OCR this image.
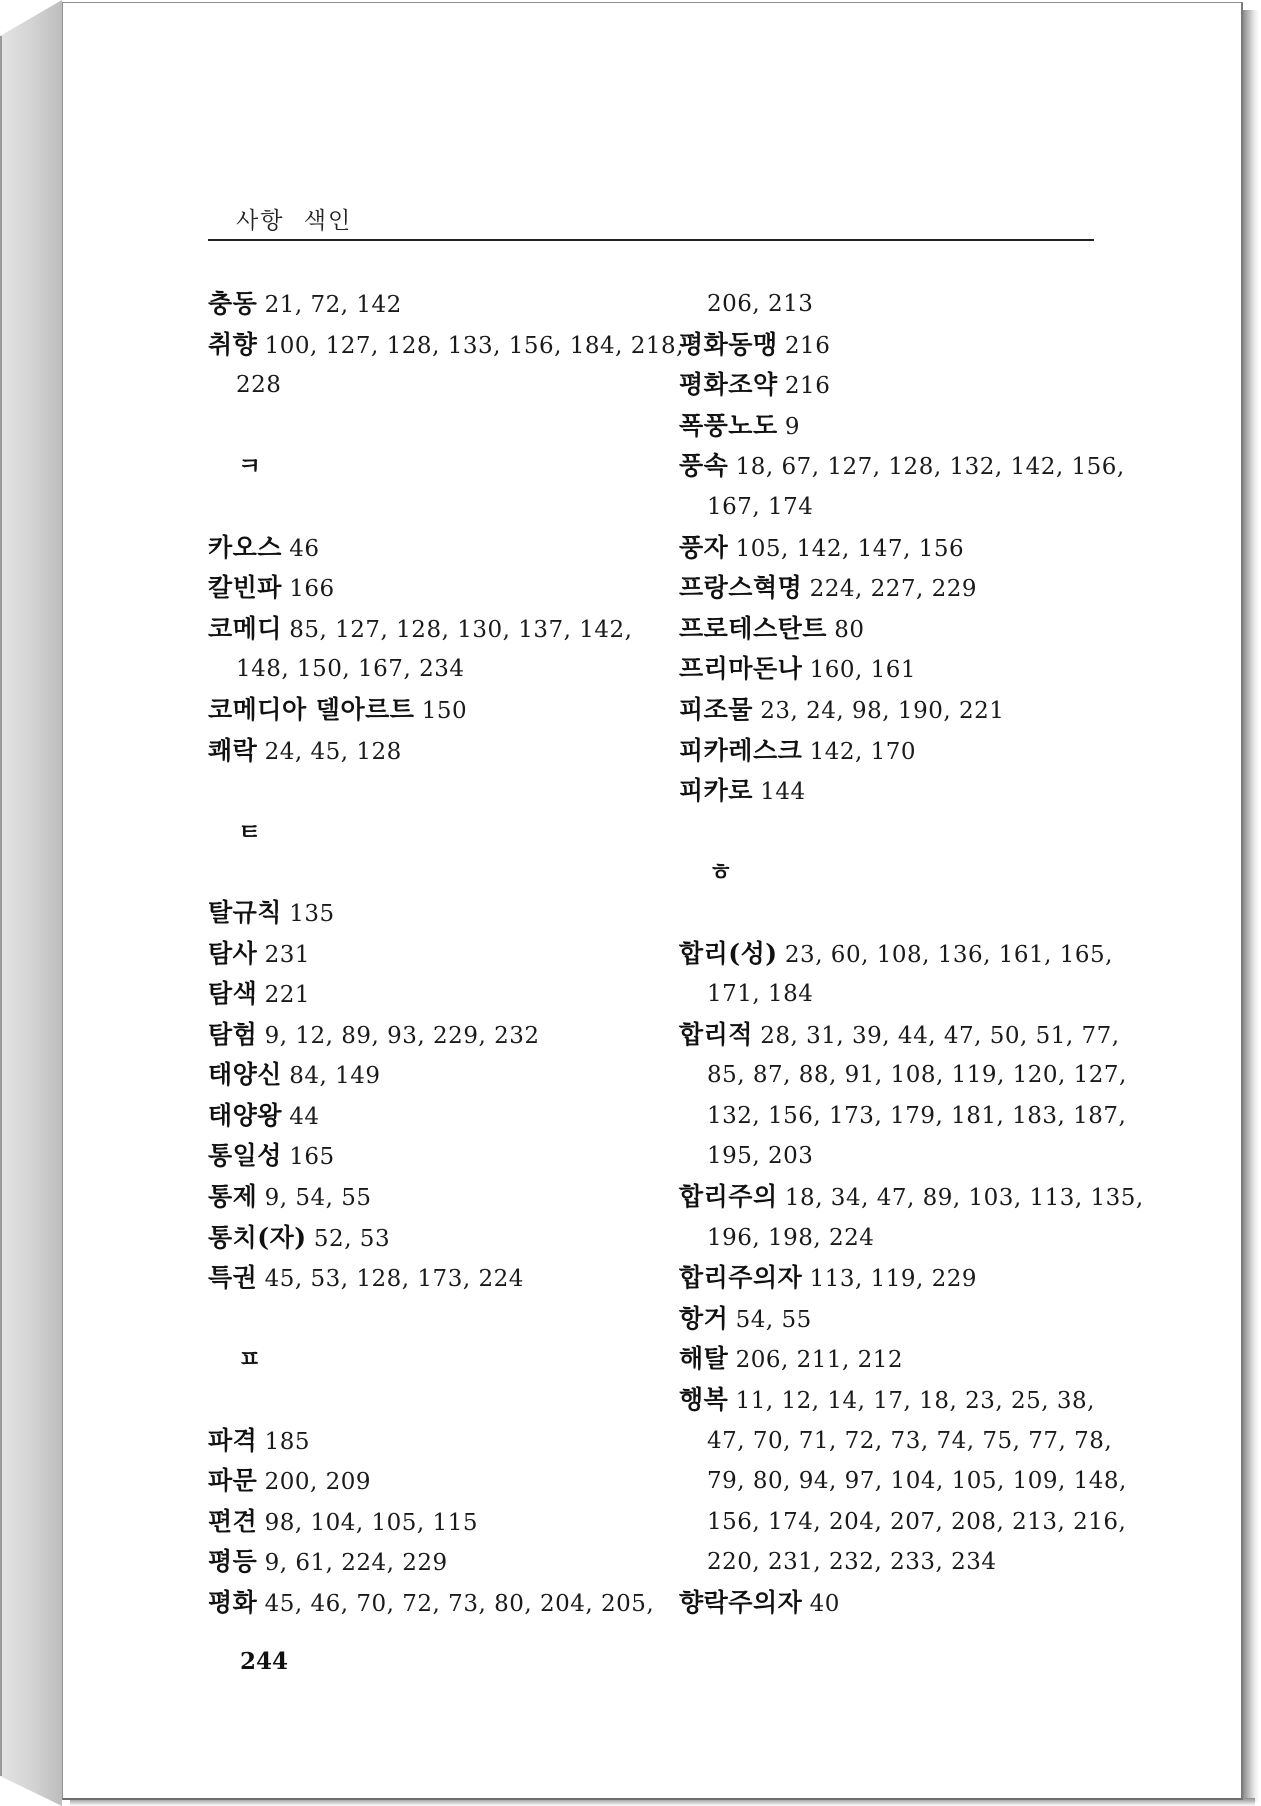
사항 색인
충동 21, 72, 142
취향 100, 127, 128, 133, 156, 184, 218,
228
ㅋ
카오스 46
칼빈파 166
코메디 85, 127, 128, 130, 137, 142,
148, 150, 167, 234
코메디아 델아르트 150
쾌락 24, 45, 128
ㅌ
탈규칙 135
탐사 231
탐색 221
탐험 9, 12, 89, 93, 229, 232
태양신 84, 149
태양왕 44
통일성 165
통제 9, 54, 55
통치(자) 52, 53
특권 45, 53, 128, 173, 224
ㅍ
파격 185
파문 200, 209
편견 98, 104, 105, 115
평등 9, 61, 224, 229
평화 45, 46, 70, 72, 73, 80, 204, 205,
206, 213
평화동맹 216
평화조약 216
폭풍노도 9
풍속 18, 67, 127, 128, 132, 142, 156,
167, 174
풍자 105, 142, 147, 156
프랑스혁명 224, 227, 229
프로테스탄트 80
프리마돈나 160, 161
피조물 23, 24, 98, 190, 221
피카레스크 142, 170
피카로 144
ㅎ
합리(성) 23, 60, 108, 136, 161, 165,
171, 184
합리적 28, 31, 39, 44, 47, 50, 51, 77,
85, 87, 88, 91, 108, 119, 120, 127,
132, 156, 173, 179, 181, 183, 187,
195, 203
합리주의 18, 34, 47, 89, 103, 113, 135,
196, 198, 224
합리주의자 113, 119, 229
항거 54, 55
해탈 206, 211, 212
행복 11, 12, 14, 17, 18, 23, 25, 38,
47, 70, 71, 72, 73, 74, 75, 77, 78,
79, 80, 94, 97, 104, 105, 109, 148,
156, 174, 204, 207, 208, 213, 216,
220, 231, 232, 233, 234
향락주의자 40
244
